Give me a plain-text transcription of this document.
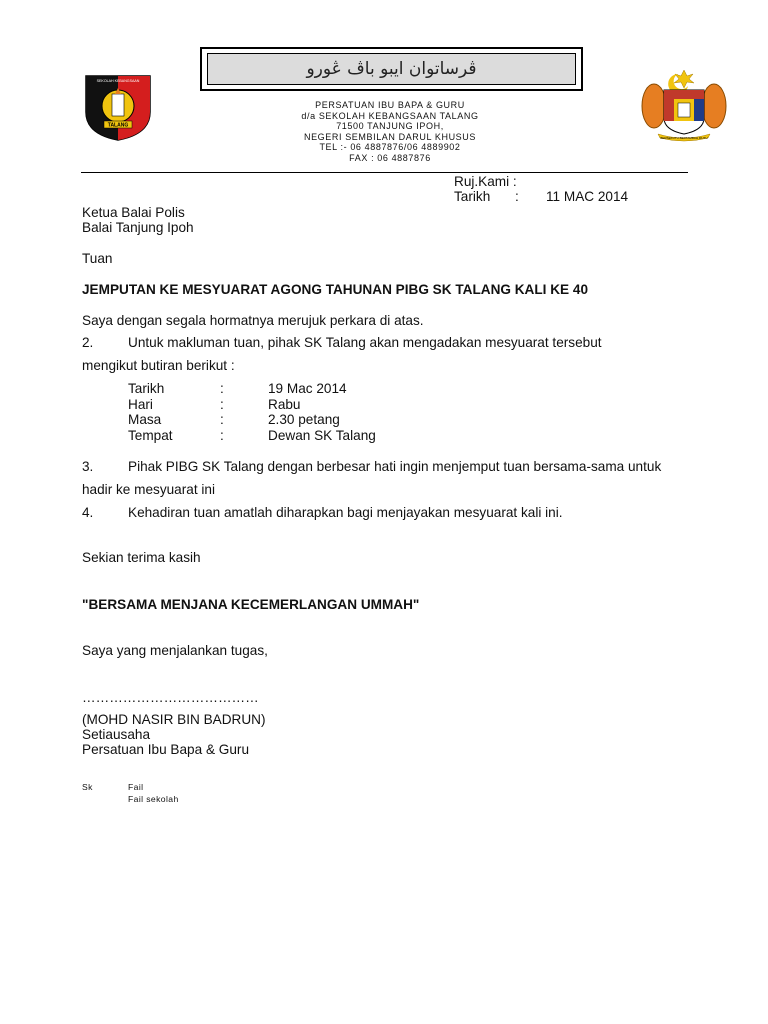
ڤرساتوان ايبو باڤ ڠورو
SEKOLAH KEBANGSAAN
TALANG
BERSEKUTU BERTAMBAH MUTU
PERSATUAN IBU BAPA & GURU
d/a SEKOLAH KEBANGSAAN TALANG
71500 TANJUNG IPOH,
NEGERI SEMBILAN DARUL KHUSUS
TEL :- 06 4887876/06 4889902
FAX : 06 4887876
Ruj.Kami :
Tarikh : 11 MAC 2014
Ketua Balai Polis
Balai Tanjung Ipoh
Tuan
JEMPUTAN KE MESYUARAT AGONG TAHUNAN PIBG SK TALANG KALI KE 40
Saya dengan segala hormatnya merujuk perkara di atas.
2.	Untuk makluman tuan, pihak SK Talang akan mengadakan mesyuarat tersebut
mengikut butiran berikut :
Tarikh	:	19 Mac 2014
Hari	:	Rabu
Masa	:	2.30 petang
Tempat	:	Dewan SK Talang
3.	Pihak PIBG SK Talang dengan berbesar hati ingin menjemput tuan bersama-sama untuk
hadir ke mesyuarat ini
4.	Kehadiran tuan amatlah diharapkan bagi menjayakan mesyuarat kali ini.
Sekian terima kasih
"BERSAMA MENJANA KECEMERLANGAN UMMAH"
Saya yang menjalankan tugas,
…………………………………
(MOHD NASIR BIN BADRUN)
Setiausaha
Persatuan Ibu Bapa & Guru
Sk	Fail
Fail sekolah
